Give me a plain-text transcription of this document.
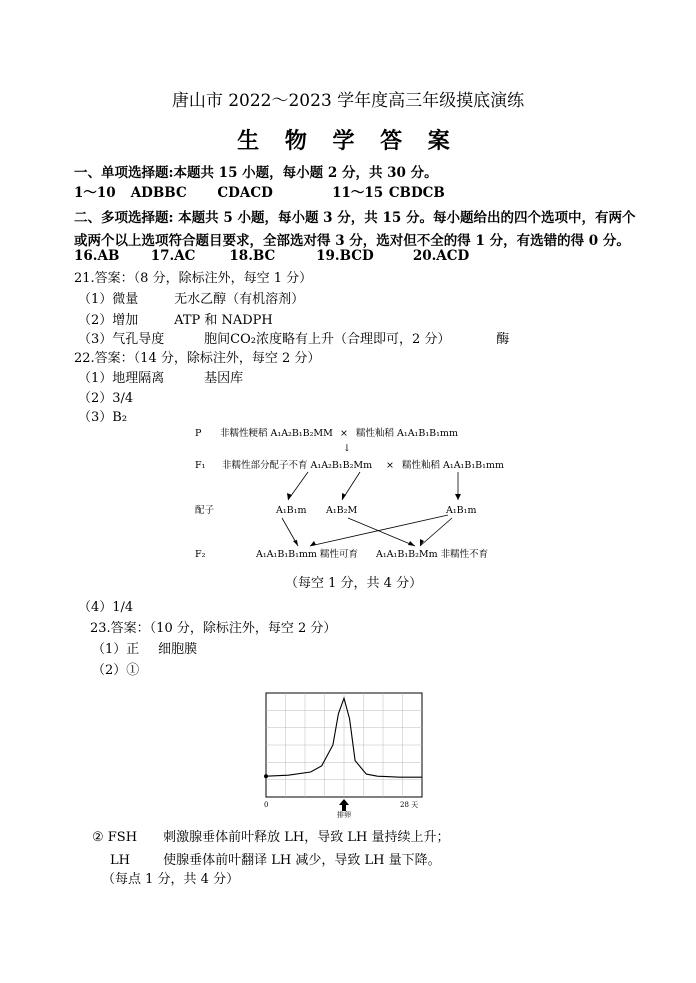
唐山市 2022～2023 学年度高三年级摸底演练
生 物 学 答 案
一、单项选择题:本题共 15 小题，每小题 2 分，共 30 分。
1～10 ADBBC CDACD	11～15 CBDCB
二、多项选择题: 本题共 5 小题，每小题 3 分，共 15 分。每小题给出的四个选项中，有两个
或两个以上选项符合题目要求，全部选对得 3 分，选对但不全的得 1 分，有选错的得 0 分。
16.AB 17.AC	18.BC	19.BCD	20.ACD
21.答案：（8 分，除标注外，每空 1 分）
（1）微量	无水乙醇（有机溶剂）
（2）增加	ATP 和 NADPH
（3）气孔导度	胞间CO₂浓度略有上升（合理即可，2 分）	酶
22.答案：（14 分，除标注外，每空 2 分）
（1）地理隔离	基因库
（2）3/4
（3）B₂
P 非糯性粳稻 A₁A₂B₁B₂MM × 糯性籼稻 A₁A₁B₁B₁mm
↓
F₁ 非糯性部分配子不育 A₁A₂B₁B₂Mm × 糯性籼稻 A₁A₁B₁B₁mm
配子	A₁B₁m A₁B₂M	A₁B₁m
F₂	A₁A₁B₁B₁mm 糯性可育 A₁A₁B₁B₂Mm 非糯性不育
（每空 1 分，共 4 分）
（4）1/4
23.答案：（10 分，除标注外，每空 2 分）
（1）正 细胞膜
（2）①
0	28 天
排卵
② FSH 刺激腺垂体前叶释放 LH，导致 LH 量持续上升；
LH	使腺垂体前叶翻译 LH 减少，导致 LH 量下降。
（每点 1 分，共 4 分）
